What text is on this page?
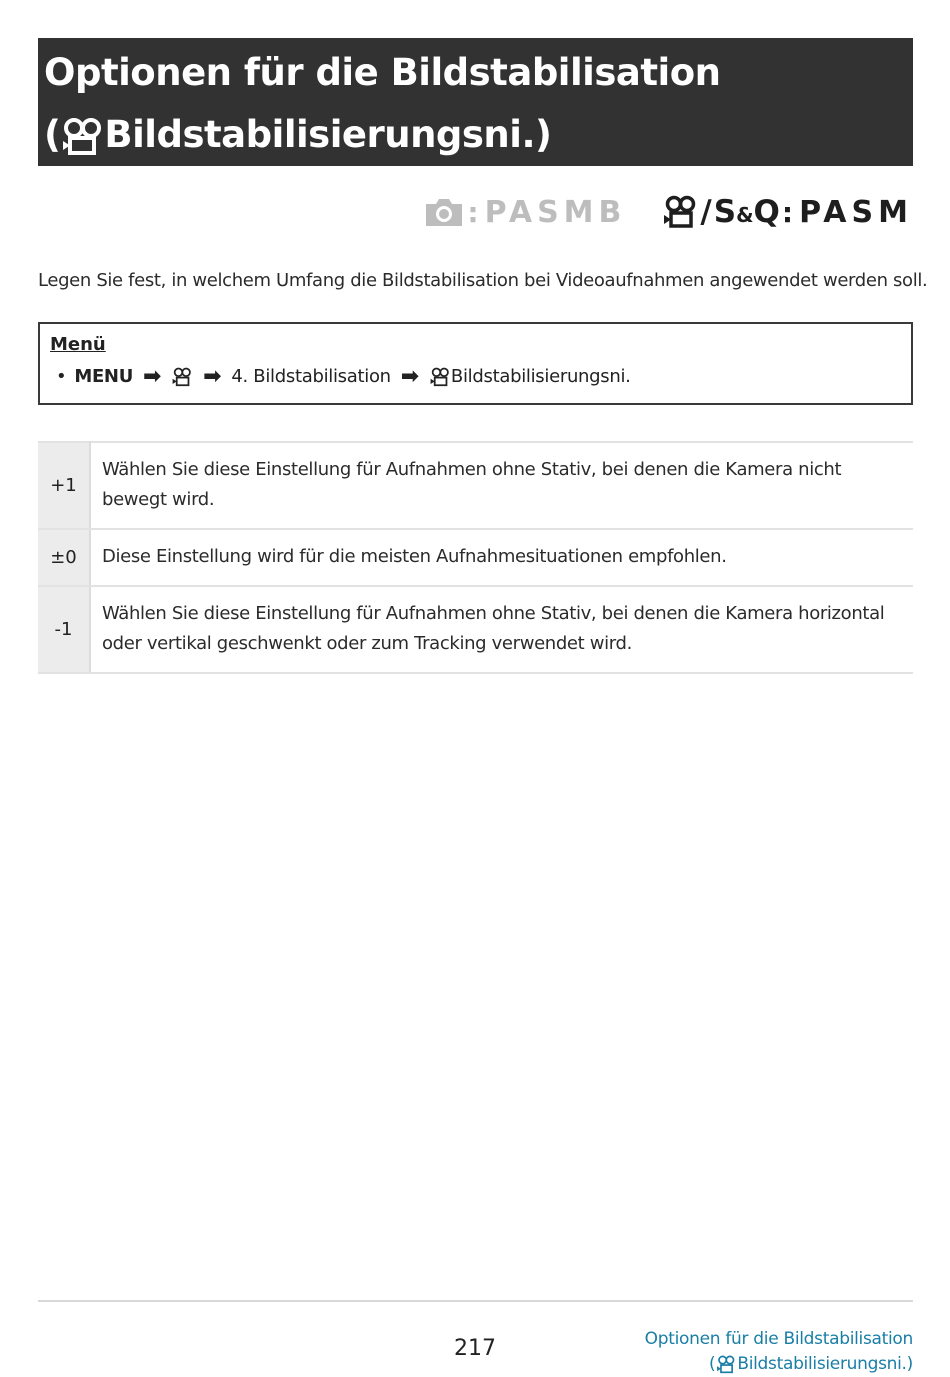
Optionen für die Bildstabilisation
( Bildstabilisierungsni.)
: PASMB / S&Q : PASM
Legen Sie fest, in welchem Umfang die Bildstabilisation bei Videoaufnahmen angewendet werden soll.
Menü
• MENU ➡ ➡ 4. Bildstabilisation ➡ Bildstabilisierungsni.
+1	Wählen Sie diese Einstellung für Aufnahmen ohne Stativ, bei denen die Kamera nicht bewegt wird.
±0	Diese Einstellung wird für die meisten Aufnahmesituationen empfohlen.
-1	Wählen Sie diese Einstellung für Aufnahmen ohne Stativ, bei denen die Kamera horizontal oder vertikal geschwenkt oder zum Tracking verwendet wird.
217	Optionen für die Bildstabilisation
( Bildstabilisierungsni.)
